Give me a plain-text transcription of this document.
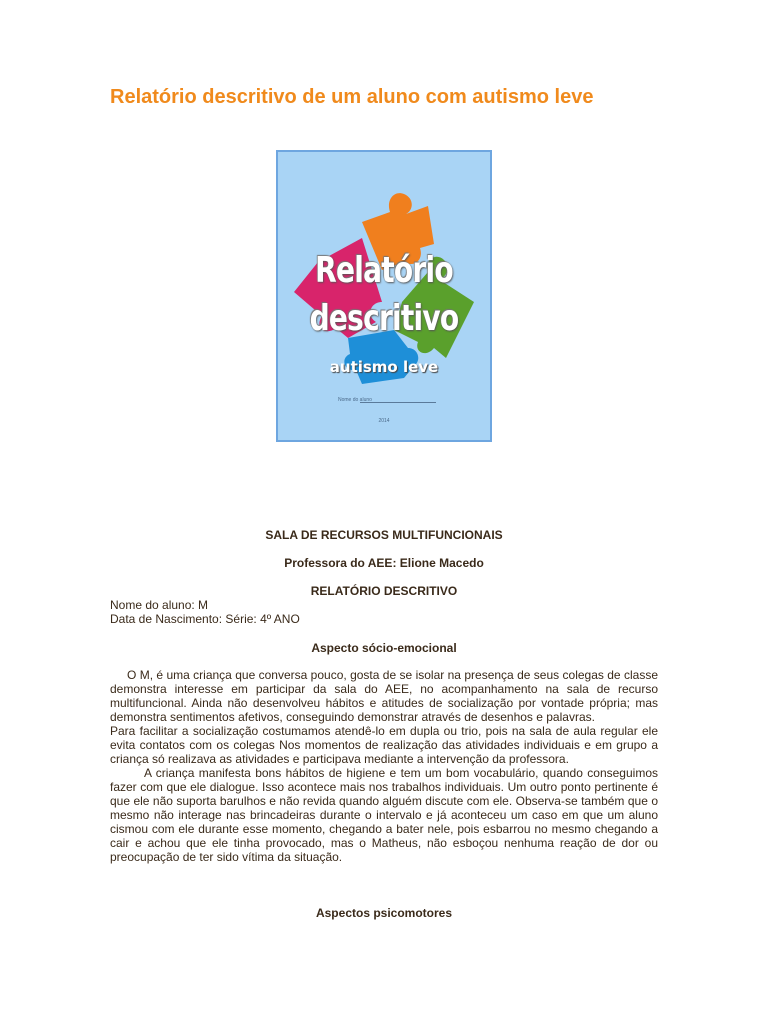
Relatório descritivo de um aluno com autismo leve
Relatório
descritivo
autismo leve
Nome do aluno
2014

SALA DE RECURSOS MULTIFUNCIONAIS

Professora do AEE: Elione Macedo

RELATÓRIO DESCRITIVO

Nome do aluno: M
Data de Nascimento: Série: 4º ANO

Aspecto sócio-emocional

O M, é uma criança que conversa pouco, gosta de se isolar na presença de seus colegas de classe demonstra interesse em participar da sala do AEE, no acompanhamento na sala de recurso multifuncional. Ainda não desenvolveu hábitos e atitudes de socialização por vontade própria; mas demonstra sentimentos afetivos, conseguindo demonstrar através de desenhos e palavras.

Para facilitar a socialização costumamos atendê-lo em dupla ou trio, pois na sala de aula regular ele evita contatos com os colegas Nos momentos de realização das atividades individuais e em grupo a criança só realizava as atividades e participava mediante a intervenção da professora.

A criança manifesta bons hábitos de higiene e tem um bom vocabulário, quando conseguimos fazer com que ele dialogue. Isso acontece mais nos trabalhos individuais. Um outro ponto pertinente é que ele não suporta barulhos e não revida quando alguém discute com ele. Observa-se também que o mesmo não interage nas brincadeiras durante o intervalo e já aconteceu um caso em que um aluno cismou com ele durante esse momento, chegando a bater nele, pois esbarrou no mesmo chegando a cair e achou que ele tinha provocado, mas o Matheus, não esboçou nenhuma reação de dor ou preocupação de ter sido vítima da situação.

Aspectos psicomotores
